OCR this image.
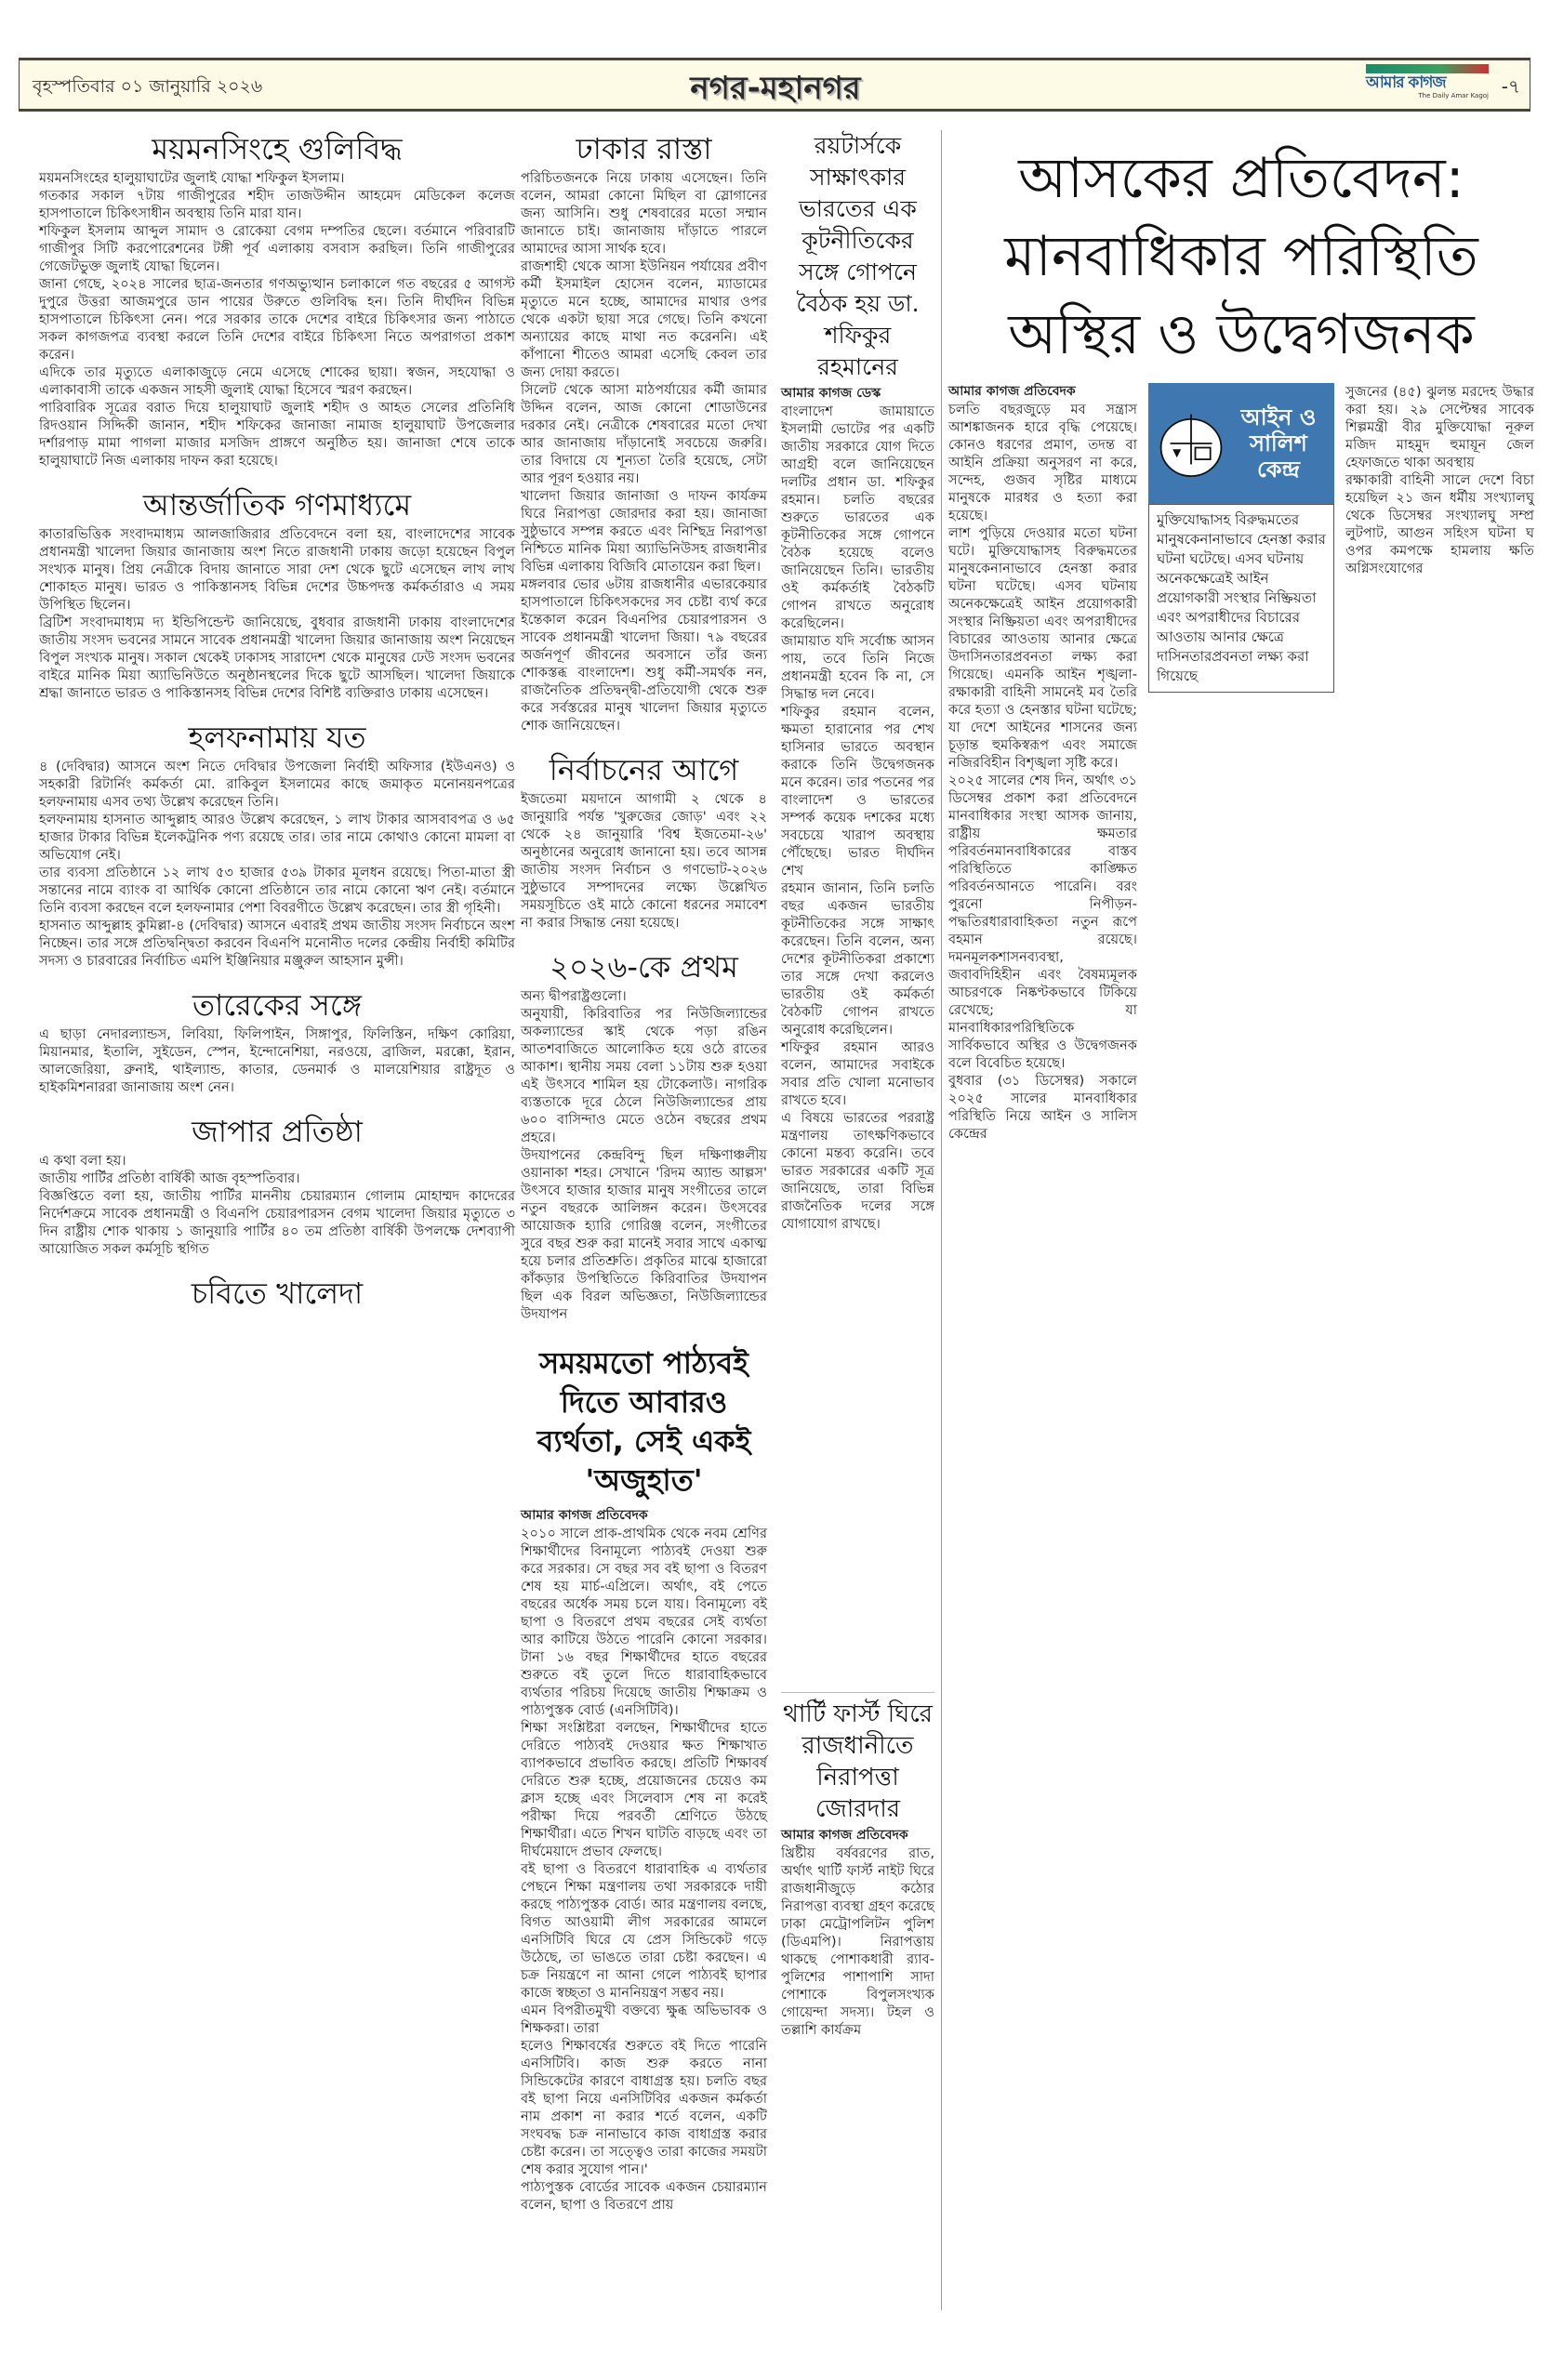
বৃহস্পতিবার ০১ জানুয়ারি ২০২৬	নগর-মহানগর	আমার কাগজ
The Daily Amar Kagoj -৭
ময়মনসিংহে গুলিবিদ্ধ

ময়মনসিংহের হালুয়াঘাটের জুলাই যোদ্ধা শফিকুল ইসলাম।

গতকার সকাল ৭টায় গাজীপুরের শহীদ তাজউদ্দীন আহমেদ মেডিকেল কলেজ হাসপাতালে চিকিৎসাধীন অবস্থায় তিনি মারা যান।

শফিকুল ইসলাম আব্দুল সামাদ ও রোকেয়া বেগম দম্পতির ছেলে। বর্তমানে পরিবারটি গাজীপুর সিটি করপোরেশনের টঙ্গী পূর্ব এলাকায় বসবাস করছিল। তিনি গাজীপুরের গেজেটভুক্ত জুলাই যোদ্ধা ছিলেন।

জানা গেছে, ২০২৪ সালের ছাত্র-জনতার গণঅভ্যুত্থান চলাকালে গত বছরের ৫ আগস্ট দুপুরে উত্তরা আজমপুরে ডান পায়ের উরুতে গুলিবিদ্ধ হন। তিনি দীর্ঘদিন বিভিন্ন হাসপাতালে চিকিৎসা নেন। পরে সরকার তাকে দেশের বাইরে চিকিৎসার জন্য পাঠাতে সকল কাগজপত্র ব্যবস্থা করলে তিনি দেশের বাইরে চিকিৎসা নিতে অপরাগতা প্রকাশ করেন।

এদিকে তার মৃত্যুতে এলাকাজুড়ে নেমে এসেছে শোকের ছায়া। স্বজন, সহযোদ্ধা ও এলাকাবাসী তাকে একজন সাহসী জুলাই যোদ্ধা হিসেবে স্মরণ করছেন।

পারিবারিক সূত্রের বরাত দিয়ে হালুয়াঘাট জুলাই শহীদ ও আহত সেলের প্রতিনিধি রিদওয়ান সিদ্দিকী জানান, শহীদ শফিকের জানাজা নামাজ হালুয়াঘাট উপজেলার দর্শারপাড় মামা পাগলা মাজার মসজিদ প্রাঙ্গণে অনুষ্ঠিত হয়। জানাজা শেষে তাকে হালুয়াঘাটে নিজ এলাকায় দাফন করা হয়েছে।

আন্তর্জাতিক গণমাধ্যমে

কাতারভিত্তিক সংবাদমাধ্যম আলজাজিরার প্রতিবেদনে বলা হয়, বাংলাদেশের সাবেক প্রধানমন্ত্রী খালেদা জিয়ার জানাজায় অংশ নিতে রাজধানী ঢাকায় জড়ো হয়েছেন বিপুল সংখ্যক মানুষ। প্রিয় নেত্রীকে বিদায় জানাতে সারা দেশ থেকে ছুটে এসেছেন লাখ লাখ শোকাহত মানুষ। ভারত ও পাকিস্তানসহ বিভিন্ন দেশের উচ্চপদস্ত কর্মকর্তারাও এ সময় উপিস্থিত ছিলেন।

ব্রিটিশ সংবাদমাধ্যম দ্য ইন্ডিপিন্ডেন্ট জানিয়েছে, বুধবার রাজধানী ঢাকায় বাংলাদেশের জাতীয় সংসদ ভবনের সামনে সাবেক প্রধানমন্ত্রী খালেদা জিয়ার জানাজায় অংশ নিয়েছেন বিপুল সংখ্যক মানুষ। সকাল থেকেই ঢাকাসহ সারাদেশ থেকে মানুষের ঢেউ সংসদ ভবনের বাইরে মানিক মিয়া অ্যাভিনিউতে অনুষ্ঠানস্থলের দিকে ছুটে আসছিল। খালেদা জিয়াকে শ্রদ্ধা জানাতে ভারত ও পাকিস্তানসহ বিভিন্ন দেশের বিশিষ্ট ব্যক্তিরাও ঢাকায় এসেছেন।

হলফনামায় যত

৪ (দেবিদ্বার) আসনে অংশ নিতে দেবিদ্বার উপজেলা নির্বাহী অফিসার (ইউএনও) ও সহকারী রিটার্নিং কর্মকর্তা মো. রাকিবুল ইসলামের কাছে জমাকৃত মনোনয়নপত্রের হলফনামায় এসব তথ্য উল্লেখ করেছেন তিনি।

হলফনামায় হাসনাত আব্দুল্লাহ আরও উল্লেখ করেছেন, ১ লাখ টাকার আসবাবপত্র ও ৬৫ হাজার টাকার বিভিন্ন ইলেকট্রনিক পণ্য রয়েছে তার। তার নামে কোথাও কোনো মামলা বা অভিযোগ নেই।

তার ব্যবসা প্রতিষ্ঠানে ১২ লাখ ৫৩ হাজার ৫৩৯ টাকার মূলধন রয়েছে। পিতা-মাতা স্ত্রী সন্তানের নামে ব্যাংক বা আর্থিক কোনো প্রতিষ্ঠানে তার নামে কোনো ঋণ নেই। বর্তমানে তিনি ব্যবসা করছেন বলে হলফনামার পেশা বিবরণীতে উল্লেখ করেছেন। তার স্ত্রী গৃহিনী।

হাসনাত আব্দুল্লাহ কুমিল্লা-৪ (দেবিদ্বার) আসনে এবারই প্রথম জাতীয় সংসদ নির্বাচনে অংশ নিচ্ছেন। তার সঙ্গে প্রতিদ্বন্দ্বিতা করবেন বিএনপি মনোনীত দলের কেন্দ্রীয় নির্বাহী কমিটির সদস্য ও চারবারের নির্বাচিত এমপি ইঞ্জিনিয়ার মঞ্জুরুল আহসান মুন্সী।

তারেকের সঙ্গে

এ ছাড়া নেদারল্যান্ডস, লিবিয়া, ফিলিপাইন, সিঙ্গাপুর, ফিলিস্তিন, দক্ষিণ কোরিয়া, মিয়ানমার, ইতালি, সুইডেন, স্পেন, ইন্দোনেশিয়া, নরওয়ে, ব্রাজিল, মরক্কো, ইরান, আলজেরিয়া, ব্রুনাই, থাইল্যান্ড, কাতার, ডেনমার্ক ও মালয়েশিয়ার রাষ্ট্রদূত ও হাইকমিশনাররা জানাজায় অংশ নেন।

জাপার প্রতিষ্ঠা

এ কথা বলা হয়।

জাতীয় পার্টির প্রতিষ্ঠা বার্ষিকী আজ বৃহস্পতিবার।

বিজ্ঞপ্তিতে বলা হয়, জাতীয় পার্টির মাননীয় চেয়ারম্যান গোলাম মোহাম্মদ কাদেরের নির্দেশক্রমে সাবেক প্রধানমন্ত্রী ও বিএনপি চেয়ারপারসন বেগম খালেদা জিয়ার মৃত্যুতে ৩ দিন রাষ্ট্রীয় শোক থাকায় ১ জানুয়ারি পার্টির ৪০ তম প্রতিষ্ঠা বার্ষিকী উপলক্ষে দেশব্যাপী আয়োজিত সকল কর্মসূচি স্থগিত

চবিতে খালেদা
ঢাকার রাস্তা

পরিচিতজনকে নিয়ে ঢাকায় এসেছেন। তিনি বলেন, আমরা কোনো মিছিল বা স্লোগানের জন্য আসিনি। শুধু শেষবারের মতো সম্মান জানাতে চাই। জানাজায় দাঁড়াতে পারলে আমাদের আসা সার্থক হবে।

রাজশাহী থেকে আসা ইউনিয়ন পর্যায়ের প্রবীণ কর্মী ইসমাইল হোসেন বলেন, ম্যাডামের মৃত্যুতে মনে হচ্ছে, আমাদের মাথার ওপর থেকে একটা ছায়া সরে গেছে। তিনি কখনো অন্যায়ের কাছে মাথা নত করেননি। এই কাঁপানো শীতেও আমরা এসেছি কেবল তার জন্য দোয়া করতে।

সিলেট থেকে আসা মাঠপর্যায়ের কর্মী জামার উদ্দিন বলেন, আজ কোনো শোডাউনের দরকার নেই। নেত্রীকে শেষবারের মতো দেখা আর জানাজায় দাঁড়ানোই সবচেয়ে জরুরি। তার বিদায়ে যে শূন্যতা তৈরি হয়েছে, সেটা আর পূরণ হওয়ার নয়।

খালেদা জিয়ার জানাজা ও দাফন কার্যক্রম ঘিরে নিরাপত্তা জোরদার করা হয়। জানাজা সুষ্ঠুভাবে সম্পন্ন করতে এবং নিশ্ছিদ্র নিরাপত্তা নিশ্চিতে মানিক মিয়া অ্যাভিনিউসহ রাজধানীর বিভিন্ন এলাকায় বিজিবি মোতায়েন করা ছিল।

মঙ্গলবার ভোর ৬টায় রাজধানীর এভারকেয়ার হাসপাতালে চিকিৎসকদের সব চেষ্টা ব্যর্থ করে ইন্তেকাল করেন বিএনপির চেয়ারপারসন ও সাবেক প্রধানমন্ত্রী খালেদা জিয়া। ৭৯ বছরের অর্জনপূর্ণ জীবনের অবসানে তাঁর জন্য শোকস্তব্ধ বাংলাদেশ। শুধু কর্মী-সমর্থক নন, রাজনৈতিক প্রতিদ্বন্দ্বী-প্রতিযোগী থেকে শুরু করে সর্বস্তরের মানুষ খালেদা জিয়ার মৃত্যুতে শোক জানিয়েছেন।

নির্বাচনের আগে

ইজতেমা ময়দানে আগামী ২ থেকে ৪ জানুয়ারি পর্যন্ত 'খুরুজের জোড়' এবং ২২ থেকে ২৪ জানুয়ারি 'বিশ্ব ইজতেমা-২৬' অনুষ্ঠানের অনুরোধ জানানো হয়। তবে আসন্ন জাতীয় সংসদ নির্বাচন ও গণভোট-২০২৬ সুষ্ঠুভাবে সম্পাদনের লক্ষ্যে উল্লেখিত সময়সূচিতে ওই মাঠে কোনো ধরনের সমাবেশ না করার সিদ্ধান্ত নেয়া হয়েছে।

২০২৬-কে প্রথম

অন্য দ্বীপরাষ্ট্রগুলো।

অনুযায়ী, কিরিবাতির পর নিউজিল্যান্ডের অকল্যান্ডের স্কাই থেকে পড়া রঙিন আতশবাজিতে আলোকিত হয়ে ওঠে রাতের আকাশ। স্থানীয় সময় বেলা ১১টায় শুরু হওয়া এই উৎসবে শামিল হয় টোকেলাউ। নাগরিক ব্যস্ততাকে দূরে ঠেলে নিউজিল্যান্ডের প্রায় ৬০০ বাসিন্দাও মেতে ওঠেন বছরের প্রথম প্রহরে।

উদযাপনের কেন্দ্রবিন্দু ছিল দক্ষিণাঞ্চলীয় ওয়ানাকা শহর। সেখানে 'রিদম অ্যান্ড আল্পস' উৎসবে হাজার হাজার মানুষ সংগীতের তালে নতুন বছরকে আলিঙ্গন করেন। উৎসবের আয়োজক হ্যারি গোরিঞ্জ বলেন, সংগীতের সুরে বছর শুরু করা মানেই সবার সাথে একাত্ম হয়ে চলার প্রতিশ্রুতি। প্রকৃতির মাঝে হাজারো কাঁকড়ার উপস্থিতিতে কিরিবাতির উদযাপন ছিল এক বিরল অভিজ্ঞতা, নিউজিল্যান্ডের উদযাপন

সময়মতো পাঠ্যবই দিতে আবারও ব্যর্থতা, সেই একই 'অজুহাত'

আমার কাগজ প্রতিবেদক

২০১০ সালে প্রাক-প্রাথমিক থেকে নবম শ্রেণির শিক্ষার্থীদের বিনামূল্যে পাঠ্যবই দেওয়া শুরু করে সরকার। সে বছর সব বই ছাপা ও বিতরণ শেষ হয় মার্চ-এপ্রিলে। অর্থাৎ, বই পেতে বছরের অর্ধেক সময় চলে যায়। বিনামূল্যে বই ছাপা ও বিতরণে প্রথম বছরের সেই ব্যর্থতা আর কাটিয়ে উঠতে পারেনি কোনো সরকার। টানা ১৬ বছর শিক্ষার্থীদের হাতে বছরের শুরুতে বই তুলে দিতে ধারাবাহিকভাবে ব্যর্থতার পরিচয় দিয়েছে জাতীয় শিক্ষাক্রম ও পাঠ্যপুস্তক বোর্ড (এনসিটিবি)।

শিক্ষা সংশ্লিষ্টরা বলছেন, শিক্ষার্থীদের হাতে দেরিতে পাঠ্যবই দেওয়ার ক্ষত শিক্ষাখাত ব্যাপকভাবে প্রভাবিত করছে। প্রতিটি শিক্ষাবর্ষ দেরিতে শুরু হচ্ছে, প্রয়োজনের চেয়েও কম ক্লাস হচ্ছে এবং সিলেবাস শেষ না করেই পরীক্ষা দিয়ে পরবর্তী শ্রেণিতে উঠছে শিক্ষার্থীরা। এতে শিখন ঘাটতি বাড়ছে এবং তা দীর্ঘমেয়াদে প্রভাব ফেলছে।

বই ছাপা ও বিতরণে ধারাবাহিক এ ব্যর্থতার পেছনে শিক্ষা মন্ত্রণালয় তথা সরকারকে দায়ী করছে পাঠ্যপুস্তক বোর্ড। আর মন্ত্রণালয় বলছে, বিগত আওয়ামী লীগ সরকারের আমলে এনসিটিবি ঘিরে যে প্রেস সিন্ডিকেট গড়ে উঠেছে, তা ভাঙতে তারা চেষ্টা করছেন। এ চক্র নিয়ন্ত্রণে না আনা গেলে পাঠ্যবই ছাপার কাজে স্বচ্ছতা ও মাননিয়ন্ত্রণ সম্ভব নয়।

এমন বিপরীতমুখী বক্তব্যে ক্ষুব্ধ অভিভাবক ও শিক্ষকরা। তারা

হলেও শিক্ষাবর্ষের শুরুতে বই দিতে পারেনি এনসিটিবি। কাজ শুরু করতে নানা সিন্ডিকেটের কারণে বাধাগ্রস্ত হয়। চলতি বছর বই ছাপা নিয়ে এনসিটিবির একজন কর্মকর্তা নাম প্রকাশ না করার শর্তে বলেন, একটি সংঘবদ্ধ চক্র নানাভাবে কাজ বাধাগ্রস্ত করার চেষ্টা করেন। তা সত্ত্বেও তারা কাজের সময়টা শেষ করার সুযোগ পান।'

পাঠ্যপুস্তক বোর্ডের সাবেক একজন চেয়ারম্যান বলেন, ছাপা ও বিতরণে প্রায়

রয়টার্সকে সাক্ষাৎকার ভারতের এক কূটনীতিকের সঙ্গে গোপনে বৈঠক হয় ডা. শফিকুর রহমানের

আমার কাগজ ডেস্ক

বাংলাদেশ জামায়াতে ইসলামী ভোটের পর একটি জাতীয় সরকারে যোগ দিতে আগ্রহী বলে জানিয়েছেন দলটির প্রধান ডা. শফিকুর রহমান। চলতি বছরের শুরুতে ভারতের এক কূটনীতিকের সঙ্গে গোপনে বৈঠক হয়েছে বলেও জানিয়েছেন তিনি। ভারতীয় ওই কর্মকর্তাই বৈঠকটি গোপন রাখতে অনুরোধ করেছিলেন।

জামায়াত যদি সর্বোচ্চ আসন পায়, তবে তিনি নিজে প্রধানমন্ত্রী হবেন কি না, সে সিদ্ধান্ত দল নেবে।

শফিকুর রহমান বলেন, ক্ষমতা হারানোর পর শেখ হাসিনার ভারতে অবস্থান করাকে তিনি উদ্বেগজনক মনে করেন। তার পতনের পর বাংলাদেশ ও ভারতের সম্পর্ক কয়েক দশকের মধ্যে সবচেয়ে খারাপ অবস্থায় পৌঁছেছে। ভারত দীর্ঘদিন শেখ

রহমান জানান, তিনি চলতি বছর একজন ভারতীয় কূটনীতিকের সঙ্গে সাক্ষাৎ করেছেন। তিনি বলেন, অন্য দেশের কূটনীতিকরা প্রকাশ্যে তার সঙ্গে দেখা করলেও ভারতীয় ওই কর্মকর্তা বৈঠকটি গোপন রাখতে অনুরোধ করেছিলেন।

শফিকুর রহমান আরও বলেন, আমাদের সবাইকে সবার প্রতি খোলা মনোভাব রাখতে হবে।

এ বিষয়ে ভারতের পররাষ্ট্র মন্ত্রণালয় তাৎক্ষণিকভাবে কোনো মন্তব্য করেনি। তবে ভারত সরকারের একটি সূত্র জানিয়েছে, তারা বিভিন্ন রাজনৈতিক দলের সঙ্গে যোগাযোগ রাখছে।

থার্টি ফার্স্ট ঘিরে রাজধানীতে নিরাপত্তা জোরদার

আমার কাগজ প্রতিবেদক

খ্রিষ্টীয় বর্ষবরণের রাত, অর্থাৎ থার্টি ফার্স্ট নাইট ঘিরে রাজধানীজুড়ে কঠোর নিরাপত্তা ব্যবস্থা গ্রহণ করেছে ঢাকা মেট্রোপলিটন পুলিশ (ডিএমপি)। নিরাপত্তায় থাকছে পোশাকধারী র‍্যাব-পুলিশের পাশাপাশি সাদা পোশাকে বিপুলসংখ্যক গোয়েন্দা সদস্য। টহল ও তল্লাশি কার্যক্রম

আসকের প্রতিবেদন: মানবাধিকার পরিস্থিতি অস্থির ও উদ্বেগজনক

আমার কাগজ প্রতিবেদক

চলতি বছরজুড়ে মব সন্ত্রাস আশঙ্কাজনক হারে বৃদ্ধি পেয়েছে। কোনও ধরণের প্রমাণ, তদন্ত বা আইনি প্রক্রিয়া অনুসরণ না করে, সন্দেহ, গুজব সৃষ্টির মাধ্যমে মানুষকে মারধর ও হত্যা করা হয়েছে।

লাশ পুড়িয়ে দেওয়ার মতো ঘটনা ঘটে। মুক্তিযোদ্ধাসহ বিরুদ্ধমতের মানুষকেনানাভাবে হেনস্তা করার ঘটনা ঘটেছে। এসব ঘটনায় অনেকক্ষেত্রেই আইন প্রয়োগকারী সংস্থার নিষ্ক্রিয়তা এবং অপরাধীদের বিচারের আওতায় আনার ক্ষেত্রে উদাসিনতারপ্রবনতা লক্ষ্য করা গিয়েছে। এমনকি আইন শৃঙ্খলা-রক্ষাকারী বাহিনী সামনেই মব তৈরি করে হত্যা ও হেনস্তার ঘটনা ঘটেছে; যা দেশে আইনের শাসনের জন্য চূড়ান্ত হুমকিস্বরূপ এবং সমাজে নজিরবিহীন বিশৃঙ্খলা সৃষ্টি করে।

২০২৫ সালের শেষ দিন, অর্থাৎ ৩১ ডিসেম্বর প্রকাশ করা প্রতিবেদনে মানবাধিকার সংস্থা আসক জানায়, রাষ্ট্রীয় ক্ষমতার পরিবর্তনমানবাধিকারের বাস্তব পরিস্থিতিতে কাঙ্ক্ষিত পরিবর্তনআনতে পারেনি। বরং পুরনো নিপীড়ন-পদ্ধতিরধারাবাহিকতা নতুন রূপে বহমান রয়েছে। দমনমূলকশাসনব্যবস্থা, জবাবদিহিহীন এবং বৈষম্যমূলক আচরণকে নিষ্কণ্টকভাবে টিকিয়ে রেখেছে; যা মানবাধিকারপরিস্থিতিকে সার্বিকভাবে অস্থির ও উদ্বেগজনক বলে বিবেচিত হয়েছে।

বুধবার (৩১ ডিসেম্বর) সকালে ২০২৫ সালের মানবাধিকার পরিস্থিতি নিয়ে আইন ও সালিস কেন্দ্রের

আইন ও সালিশ কেন্দ্র
মুক্তিযোদ্ধাসহ বিরুদ্ধমতের মানুষকেনানাভাবে হেনস্তা করার ঘটনা ঘটেছে। এসব ঘটনায় অনেকক্ষেত্রেই আইন প্রয়োগকারী সংস্থার নিষ্ক্রিয়তা এবং অপরাধীদের বিচারের আওতায় আনার ক্ষেত্রে দাসিনতারপ্রবনতা লক্ষ্য করা গিয়েছে

সুজনের (৪৫) ঝুলন্ত মরদেহ উদ্ধার করা হয়। ২৯ সেপ্টেম্বর সাবেক শিল্পমন্ত্রী বীর মুক্তিযোদ্ধা নূরুল মজিদ মাহমুদ হুমায়ূন জেল হেফাজতে থাকা অবস্থায়

রক্ষাকারী বাহিনী সালে দেশে বিচা হয়েছিল ২১ জন ধর্মীয় সংখ্যালঘু থেকে ডিসেম্বর সংখ্যালঘু সম্প্র লুটপাট, আগুন সহিংস ঘটনা ঘ ওপর কমপক্ষে হামলায় ক্ষতি অগ্নিসংযোগের
